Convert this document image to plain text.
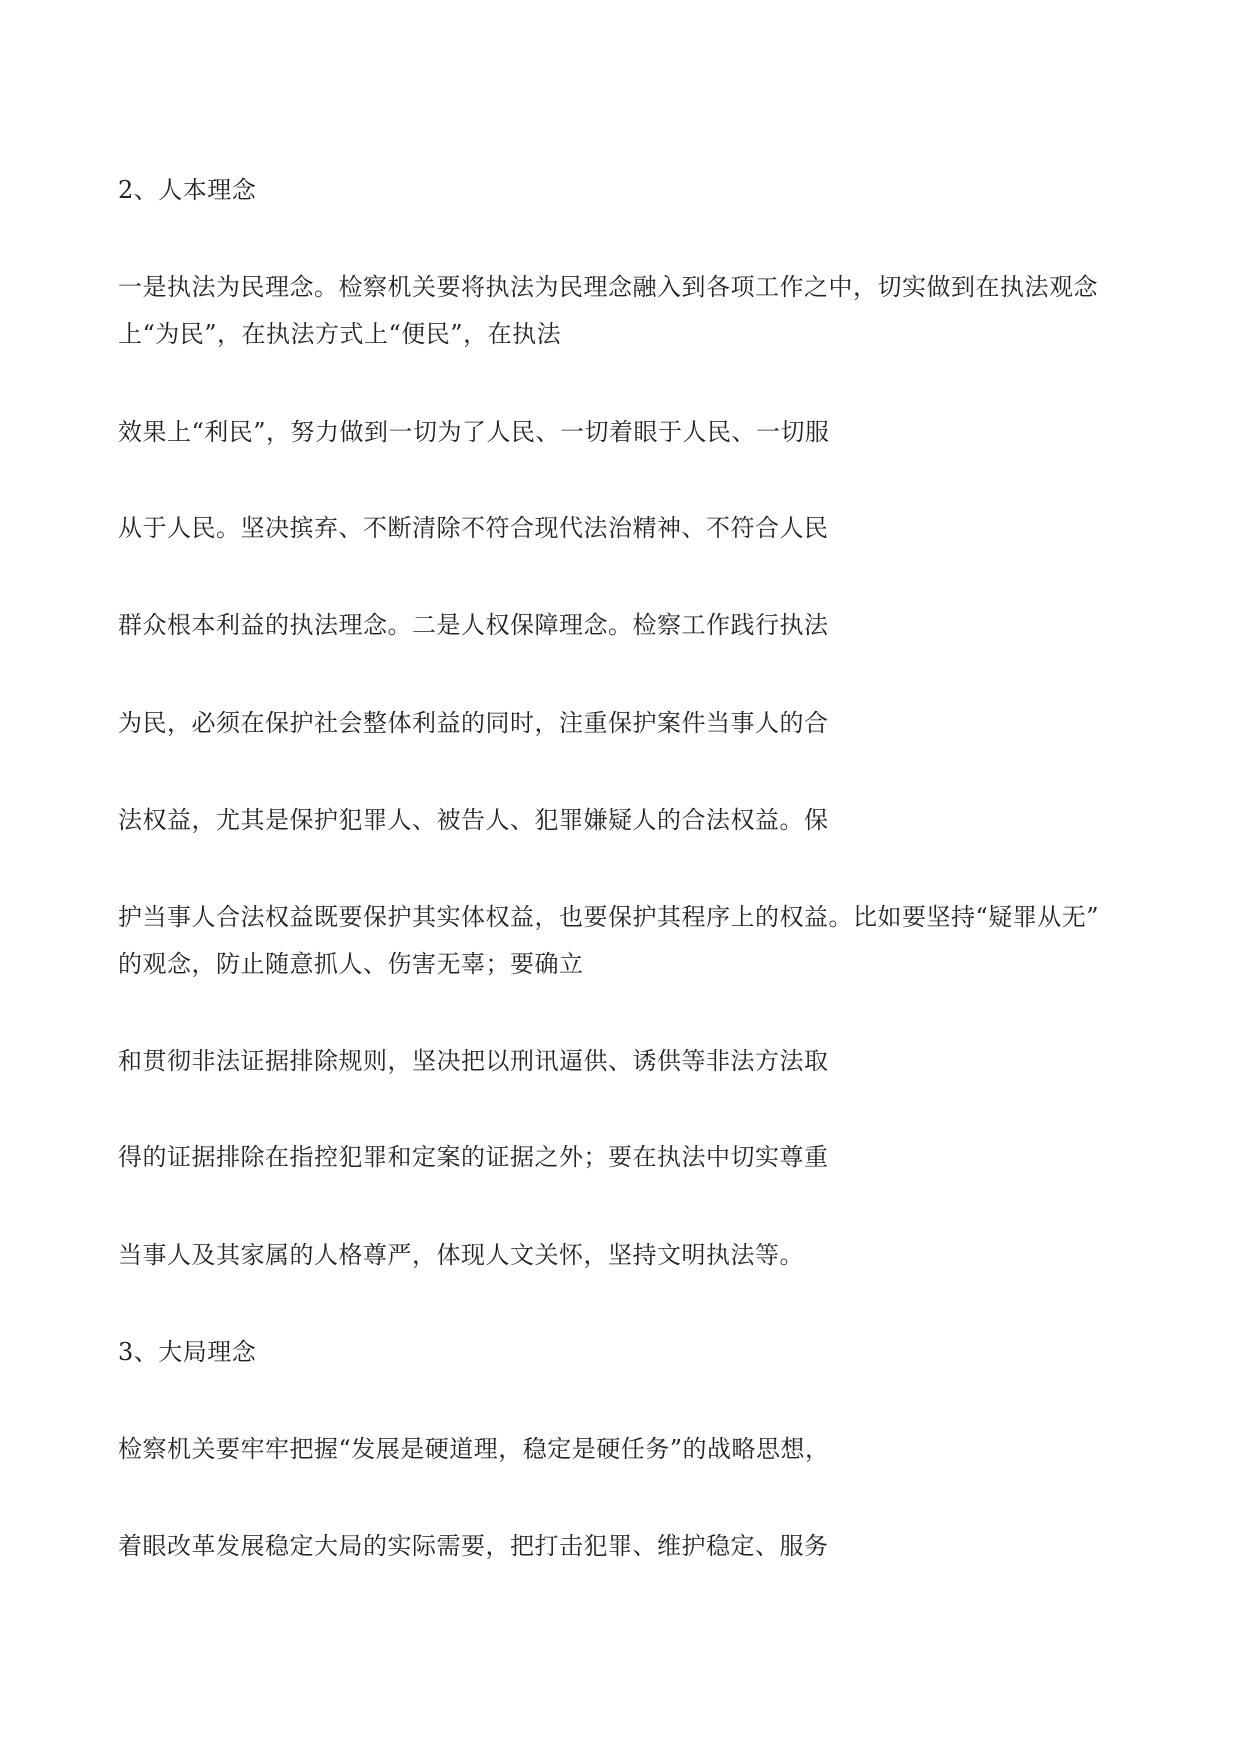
2、人本理念
一是执法为民理念。检察机关要将执法为民理念融入到各项工作之中，切实做到在执法观念
上“为民”，在执法方式上“便民”，在执法
效果上“利民”，努力做到一切为了人民、一切着眼于人民、一切服
从于人民。坚决摈弃、不断清除不符合现代法治精神、不符合人民
群众根本利益的执法理念。二是人权保障理念。检察工作践行执法
为民，必须在保护社会整体利益的同时，注重保护案件当事人的合
法权益，尤其是保护犯罪人、被告人、犯罪嫌疑人的合法权益。保
护当事人合法权益既要保护其实体权益，也要保护其程序上的权益。比如要坚持“疑罪从无”
的观念，防止随意抓人、伤害无辜；要确立
和贯彻非法证据排除规则，坚决把以刑讯逼供、诱供等非法方法取
得的证据排除在指控犯罪和定案的证据之外；要在执法中切实尊重
当事人及其家属的人格尊严，体现人文关怀，坚持文明执法等。
3、大局理念
检察机关要牢牢把握“发展是硬道理，稳定是硬任务”的战略思想，
着眼改革发展稳定大局的实际需要，把打击犯罪、维护稳定、服务
